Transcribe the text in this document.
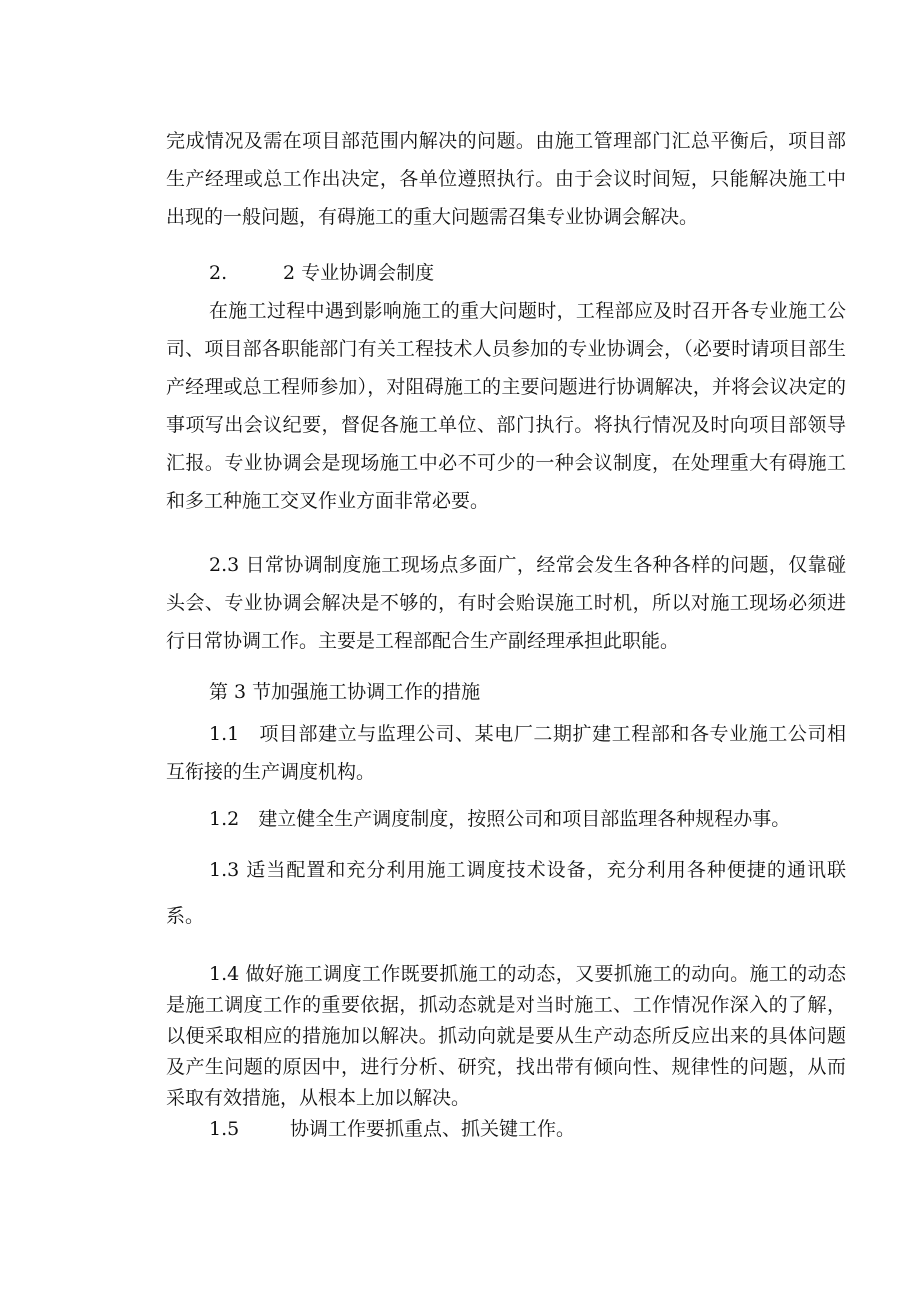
完成情况及需在项目部范围内解决的问题。由施工管理部门汇总平衡后，项目部生产经理或总工作出决定，各单位遵照执行。由于会议时间短，只能解决施工中出现的一般问题，有碍施工的重大问题需召集专业协调会解决。

2.	2 专业协调会制度

在施工过程中遇到影响施工的重大问题时，工程部应及时召开各专业施工公司、项目部各职能部门有关工程技术人员参加的专业协调会，（必要时请项目部生产经理或总工程师参加），对阻碍施工的主要问题进行协调解决，并将会议决定的事项写出会议纪要，督促各施工单位、部门执行。将执行情况及时向项目部领导汇报。专业协调会是现场施工中必不可少的一种会议制度，在处理重大有碍施工和多工种施工交叉作业方面非常必要。

2.3 日常协调制度施工现场点多面广，经常会发生各种各样的问题，仅靠碰头会、专业协调会解决是不够的，有时会贻误施工时机，所以对施工现场必须进行日常协调工作。主要是工程部配合生产副经理承担此职能。

第 3 节加强施工协调工作的措施

1.1　项目部建立与监理公司、某电厂二期扩建工程部和各专业施工公司相互衔接的生产调度机构。

1.2　建立健全生产调度制度，按照公司和项目部监理各种规程办事。

1.3 适当配置和充分利用施工调度技术设备，充分利用各种便捷的通讯联系。

1.4 做好施工调度工作既要抓施工的动态，又要抓施工的动向。施工的动态是施工调度工作的重要依据，抓动态就是对当时施工、工作情况作深入的了解，以便采取相应的措施加以解决。抓动向就是要从生产动态所反应出来的具体问题及产生问题的原因中，进行分析、研究，找出带有倾向性、规律性的问题，从而采取有效措施，从根本上加以解决。

1.5	协调工作要抓重点、抓关键工作。
